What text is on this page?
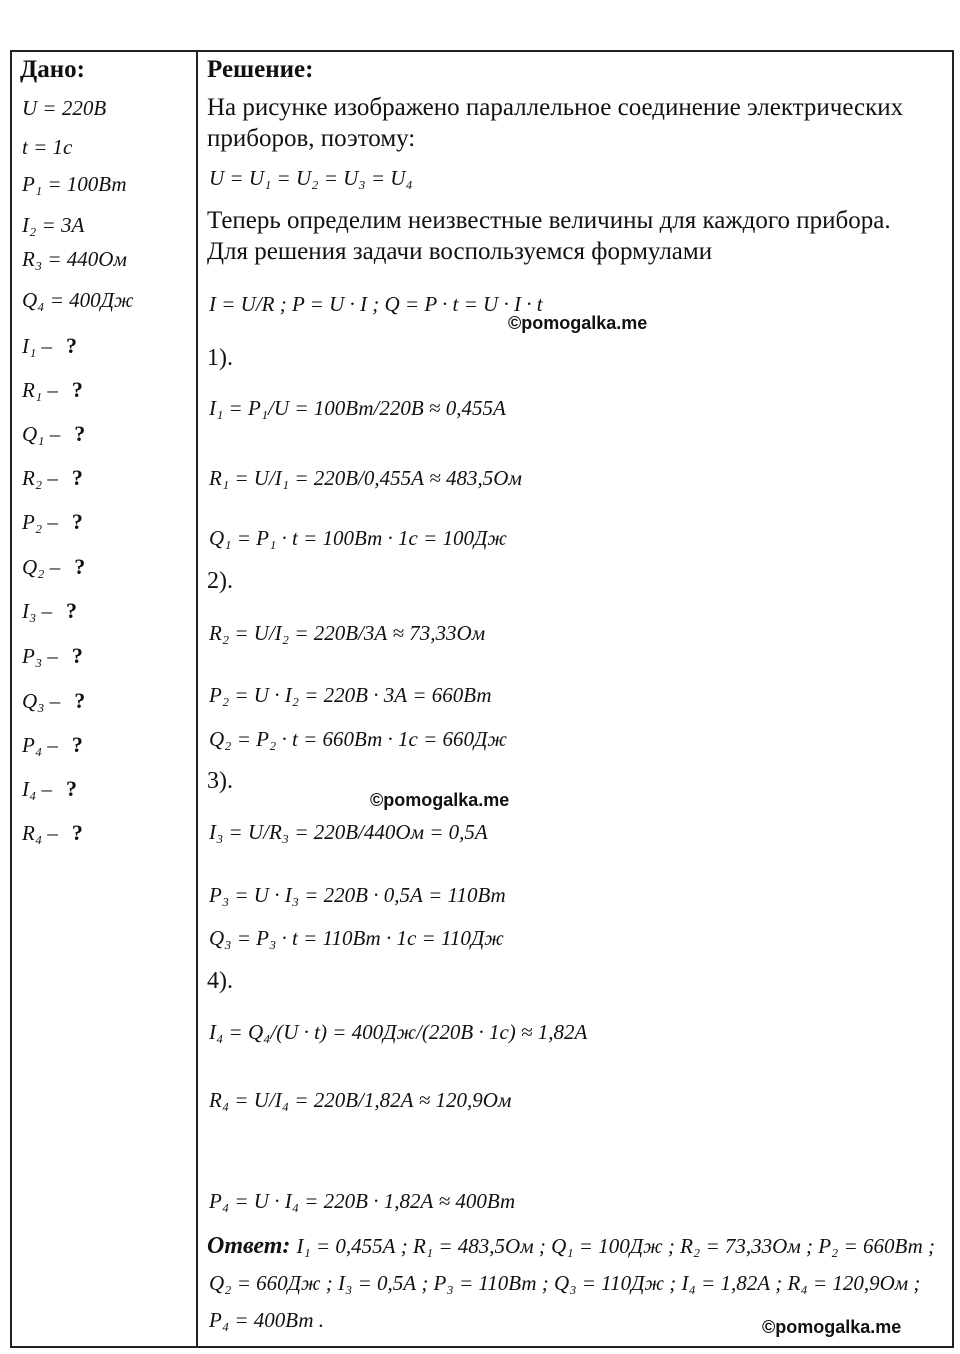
Дано:
U = 220В
t = 1с
P₁ = 100Вт
I₂ = 3А
R₃ = 440Ом
Q₄ = 400Дж
I₁ – ?
R₁ – ?
Q₁ – ?
R₂ – ?
P₂ – ?
Q₂ – ?
I₃ – ?
P₃ – ?
Q₃ – ?
P₄ – ?
I₄ – ?
R₄ – ?
Решение:
На рисунке изображено параллельное соединение электрических приборов, поэтому:
U = U₁ = U₂ = U₃ = U₄
Теперь определим неизвестные величины для каждого прибора. Для решения задачи воспользуемся формулами
I = U/R ; P = U · I ; Q = P · t = U · I · t
©pomogalka.me
1).
I₁ = P₁/U = 100Вт/220В ≈ 0,455А
R₁ = U/I₁ = 220В/0,455А ≈ 483,5Ом
Q₁ = P₁ · t = 100Вт · 1с = 100Дж
2).
R₂ = U/I₂ = 220В/3А ≈ 73,33Ом
P₂ = U · I₂ = 220В · 3А = 660Вт
Q₂ = P₂ · t = 660Вт · 1с = 660Дж
3).
©pomogalka.me
I₃ = U/R₃ = 220В/440Ом = 0,5А
P₃ = U · I₃ = 220В · 0,5А = 110Вт
Q₃ = P₃ · t = 110Вт · 1с = 110Дж
4).
I₄ = Q₄/(U · t) = 400Дж/(220В · 1с) ≈ 1,82А
R₄ = U/I₄ = 220В/1,82А ≈ 120,9Ом
P₄ = U · I₄ = 220В · 1,82А ≈ 400Вт
Ответ: I₁ = 0,455А ; R₁ = 483,5Ом ; Q₁ = 100Дж ; R₂ = 73,33Ом ; P₂ = 660Вт ;
Q₂ = 660Дж ; I₃ = 0,5А ; P₃ = 110Вт ; Q₃ = 110Дж ; I₄ = 1,82А ; R₄ = 120,9Ом ;
P₄ = 400Вт .	©pomogalka.me
